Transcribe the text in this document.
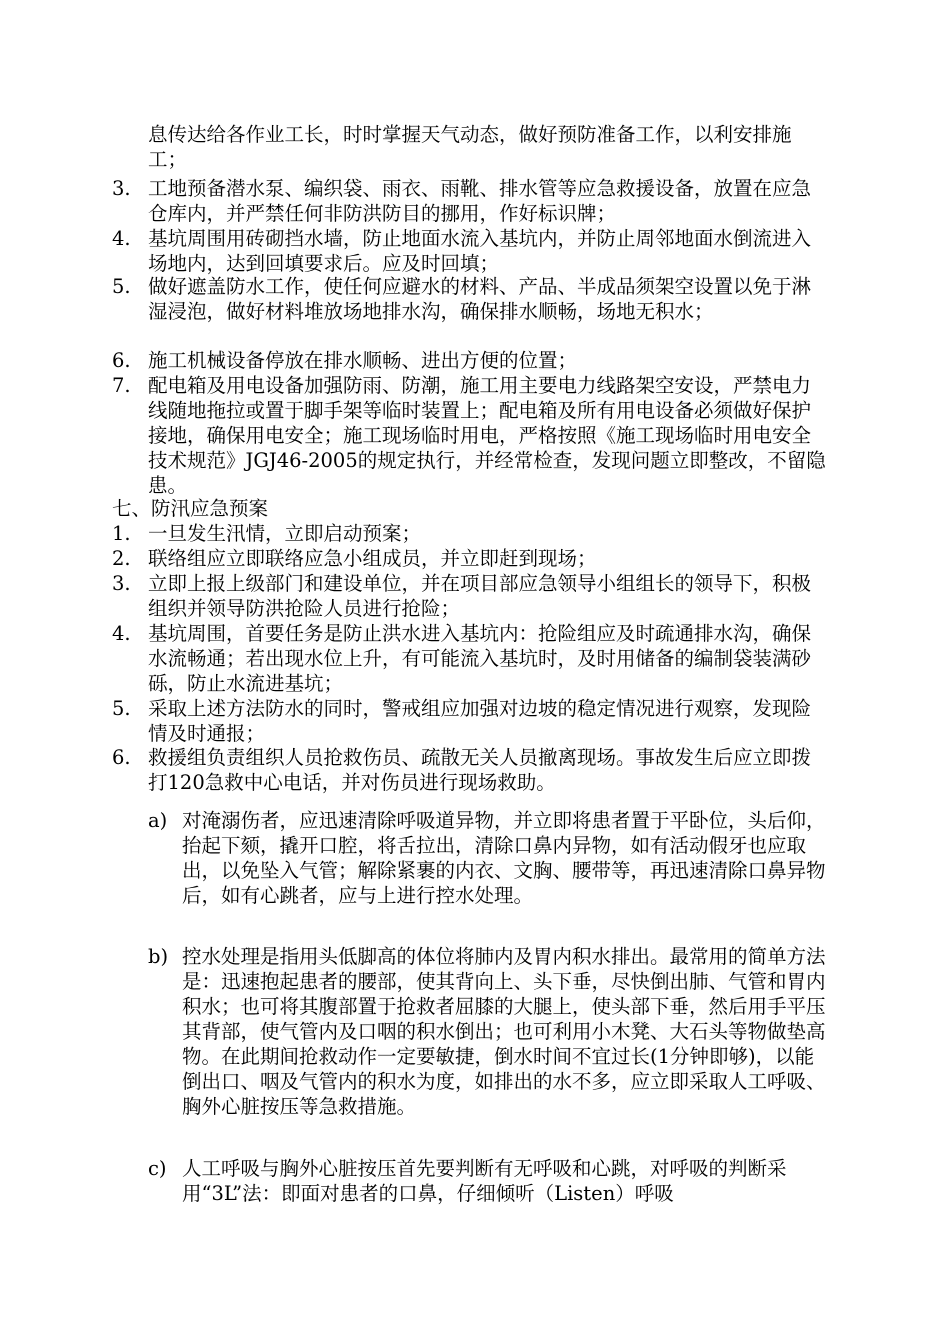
息传达给各作业工长，时时掌握天气动态，做好预防准备工作，以利安排施工；
3. 工地预备潜水泵、编织袋、雨衣、雨靴、排水管等应急救援设备，放置在应急仓库内，并严禁任何非防洪防目的挪用，作好标识牌；
4. 基坑周围用砖砌挡水墙，防止地面水流入基坑内，并防止周邻地面水倒流进入场地内，达到回填要求后。应及时回填；
5. 做好遮盖防水工作，使任何应避水的材料、产品、半成品须架空设置以免于淋湿浸泡，做好材料堆放场地排水沟，确保排水顺畅，场地无积水；
6. 施工机械设备停放在排水顺畅、进出方便的位置；
7. 配电箱及用电设备加强防雨、防潮，施工用主要电力线路架空安设，严禁电力线随地拖拉或置于脚手架等临时装置上；配电箱及所有用电设备必须做好保护接地，确保用电安全；施工现场临时用电，严格按照《施工现场临时用电安全技术规范》JGJ46-2005的规定执行，并经常检查，发现问题立即整改，不留隐患。
七、防汛应急预案
1. 一旦发生汛情，立即启动预案；
2. 联络组应立即联络应急小组成员，并立即赶到现场；
3. 立即上报上级部门和建设单位，并在项目部应急领导小组组长的领导下，积极组织并领导防洪抢险人员进行抢险；
4. 基坑周围，首要任务是防止洪水进入基坑内：抢险组应及时疏通排水沟，确保水流畅通；若出现水位上升，有可能流入基坑时，及时用储备的编制袋装满砂砾，防止水流进基坑；
5. 采取上述方法防水的同时，警戒组应加强对边坡的稳定情况进行观察，发现险情及时通报；
6. 救援组负责组织人员抢救伤员、疏散无关人员撤离现场。事故发生后应立即拨打120急救中心电话，并对伤员进行现场救助。
a) 对淹溺伤者，应迅速清除呼吸道异物，并立即将患者置于平卧位，头后仰，抬起下颏，撬开口腔，将舌拉出，清除口鼻内异物，如有活动假牙也应取出，以免坠入气管；解除紧裹的内衣、文胸、腰带等，再迅速清除口鼻异物后，如有心跳者，应与上进行控水处理。
b) 控水处理是指用头低脚高的体位将肺内及胃内积水排出。最常用的简单方法是：迅速抱起患者的腰部，使其背向上、头下垂，尽快倒出肺、气管和胃内积水；也可将其腹部置于抢救者屈膝的大腿上，使头部下垂，然后用手平压其背部，使气管内及口咽的积水倒出；也可利用小木凳、大石头等物做垫高物。在此期间抢救动作一定要敏捷，倒水时间不宜过长(1分钟即够)，以能倒出口、咽及气管内的积水为度，如排出的水不多，应立即采取人工呼吸、胸外心脏按压等急救措施。
c) 人工呼吸与胸外心脏按压首先要判断有无呼吸和心跳，对呼吸的判断采用“3L”法：即面对患者的口鼻，仔细倾听（Listen）呼吸
